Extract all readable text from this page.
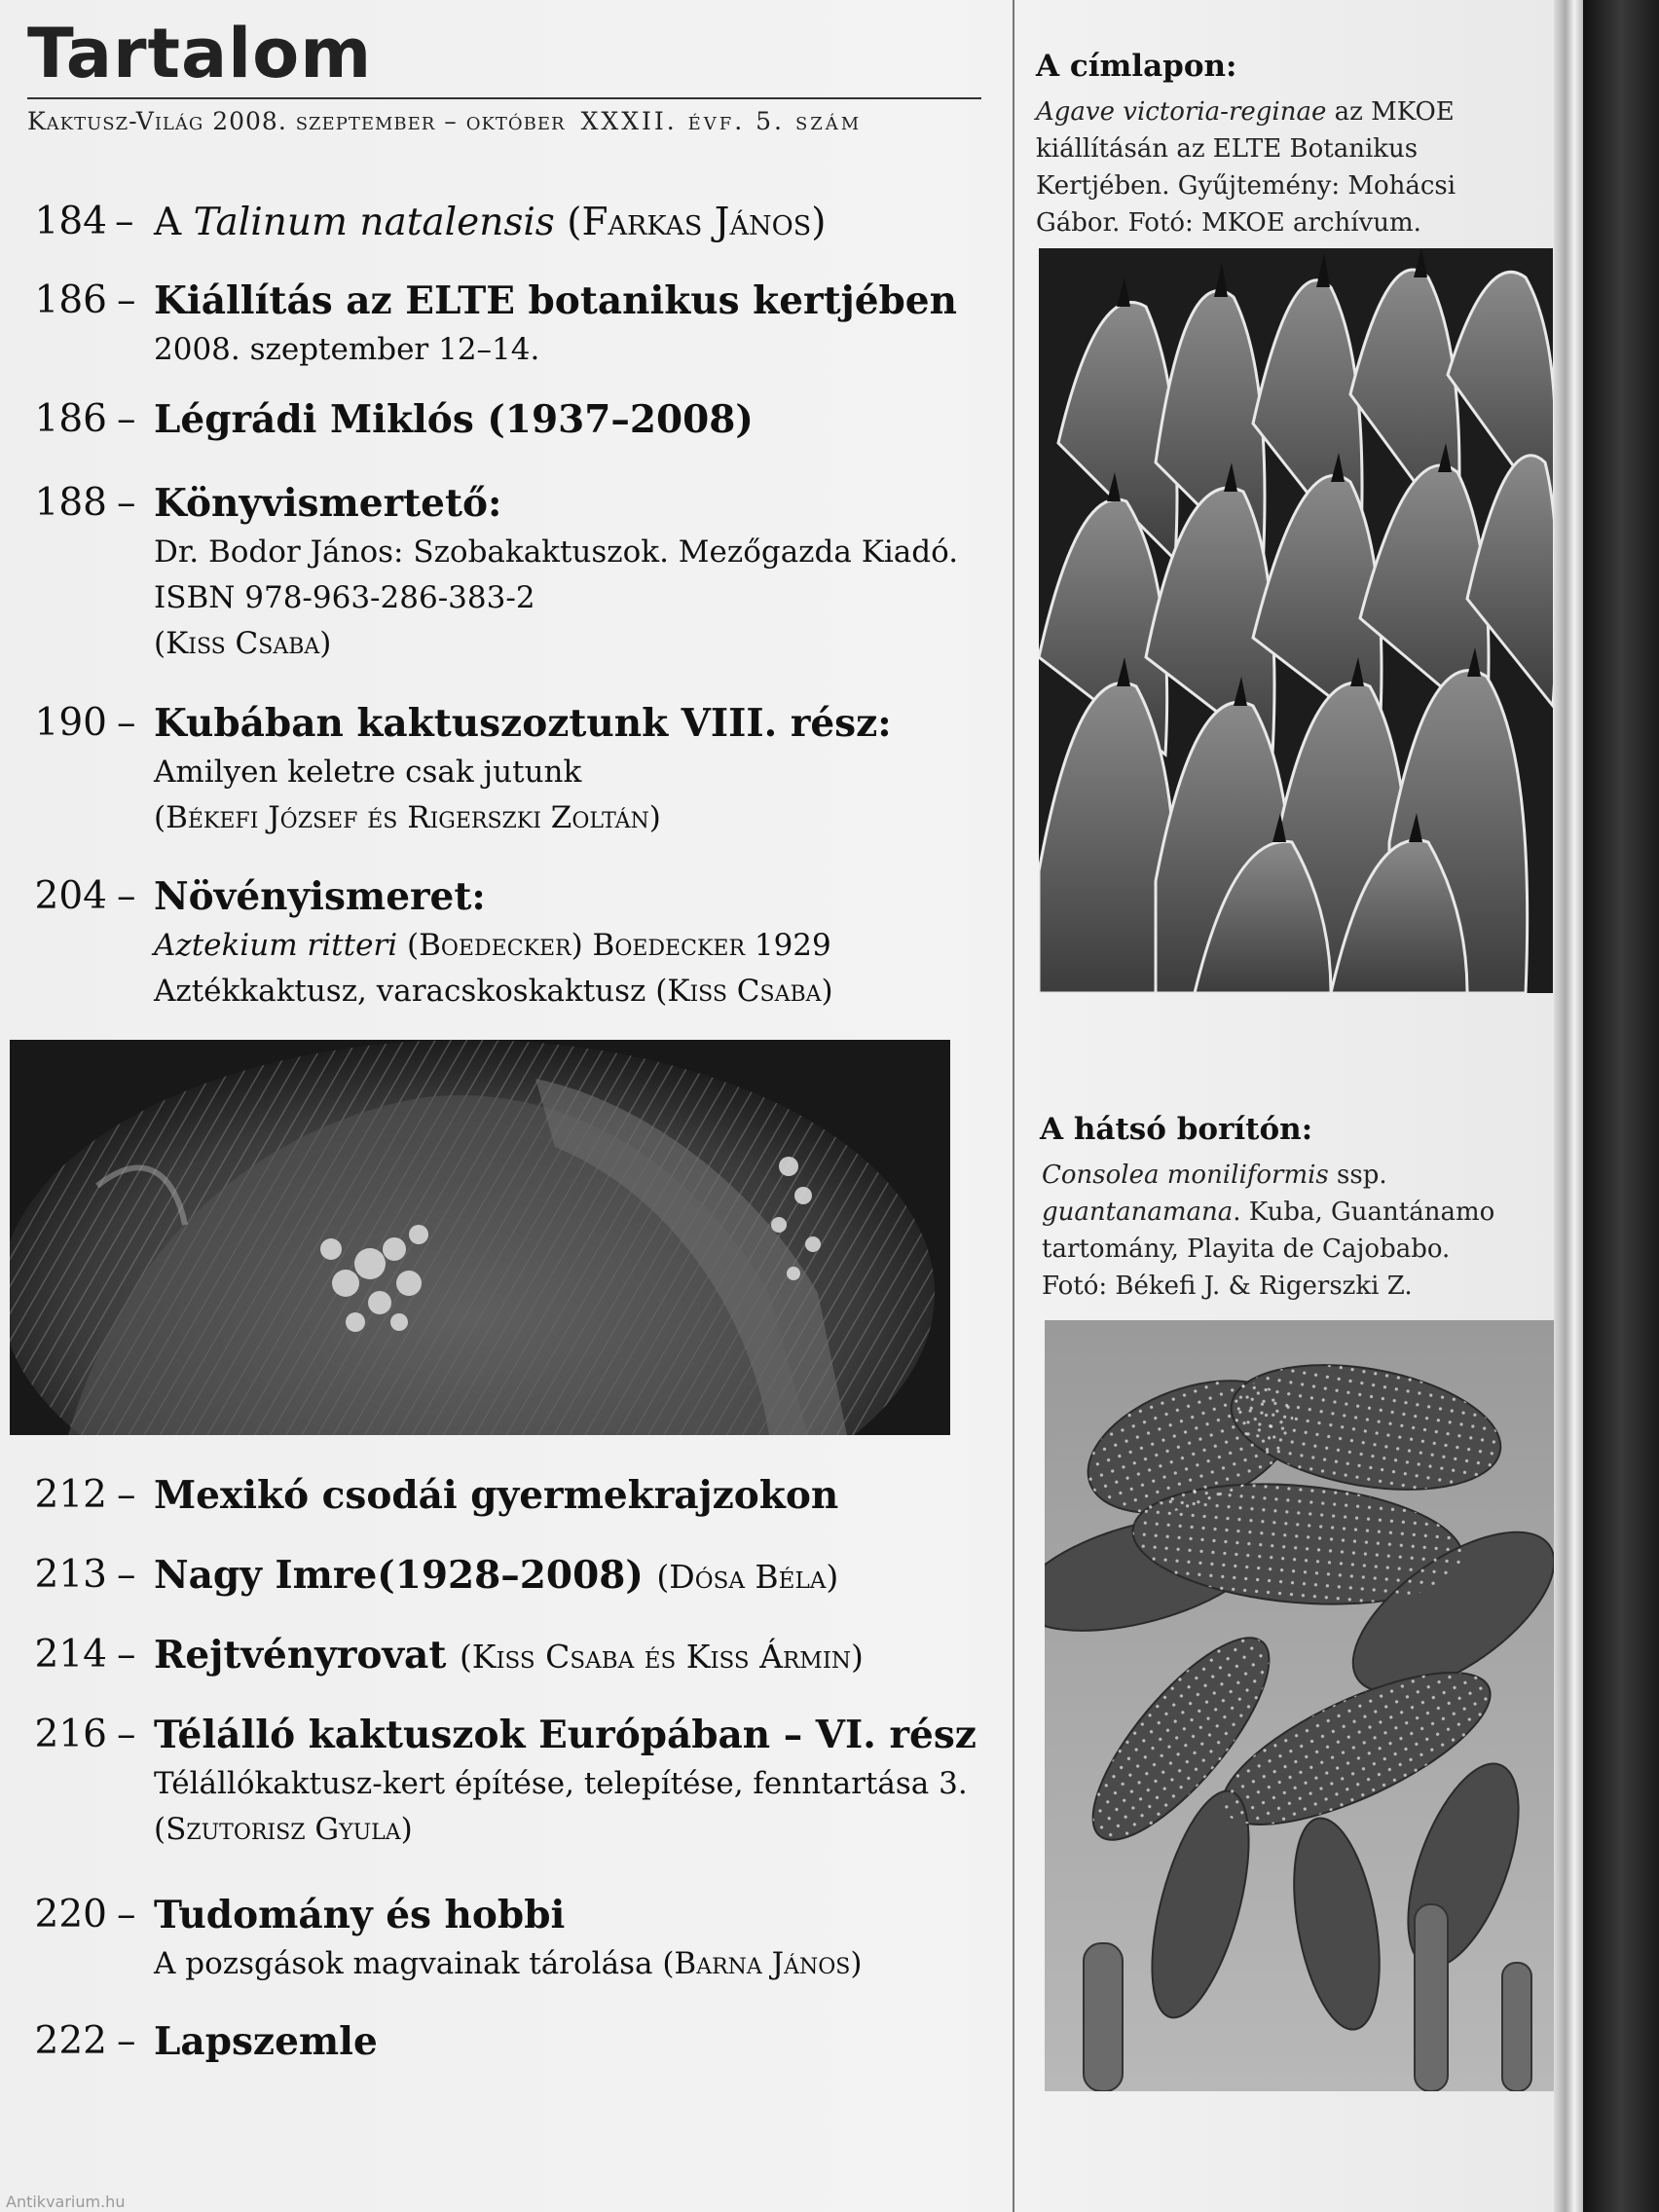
Tartalom
Kaktusz-Világ 2008. szeptember – október XXXII. évf. 5. szám
184 – A Talinum natalensis (Farkas János)
186 – Kiállítás az ELTE botanikus kertjében
2008. szeptember 12–14.
186 – Légrádi Miklós (1937–2008)
188 – Könyvismertető:
Dr. Bodor János: Szobakaktuszok. Mezőgazda Kiadó.
ISBN 978-963-286-383-2
(Kiss Csaba)
190 – Kubában kaktuszoztunk VIII. rész:
Amilyen keletre csak jutunk
(Békefi József és Rigerszki Zoltán)
204 – Növényismeret:
Aztekium ritteri (Boedecker) Boedecker 1929
Aztékkaktusz, varacskoskaktusz (Kiss Csaba)
212 – Mexikó csodái gyermekrajzokon
213 – Nagy Imre(1928–2008) (Dósa Béla)
214 – Rejtvényrovat (Kiss Csaba és Kiss Ármin)
216 – Télálló kaktuszok Európában – VI. rész
Télállókaktusz-kert építése, telepítése, fenntartása 3.
(Szutorisz Gyula)
220 – Tudomány és hobbi
A pozsgások magvainak tárolása (Barna János)
222 – Lapszemle
A címlapon:
Agave victoria-reginae az MKOE kiállításán az ELTE Botanikus Kertjében. Gyűjtemény: Mohácsi Gábor. Fotó: MKOE archívum.
A hátsó borítón:
Consolea moniliformis ssp. guantanamana. Kuba, Guantánamo tartomány, Playita de Cajobabo. Fotó: Békefi J. & Rigerszki Z.
Antikvarium.hu
